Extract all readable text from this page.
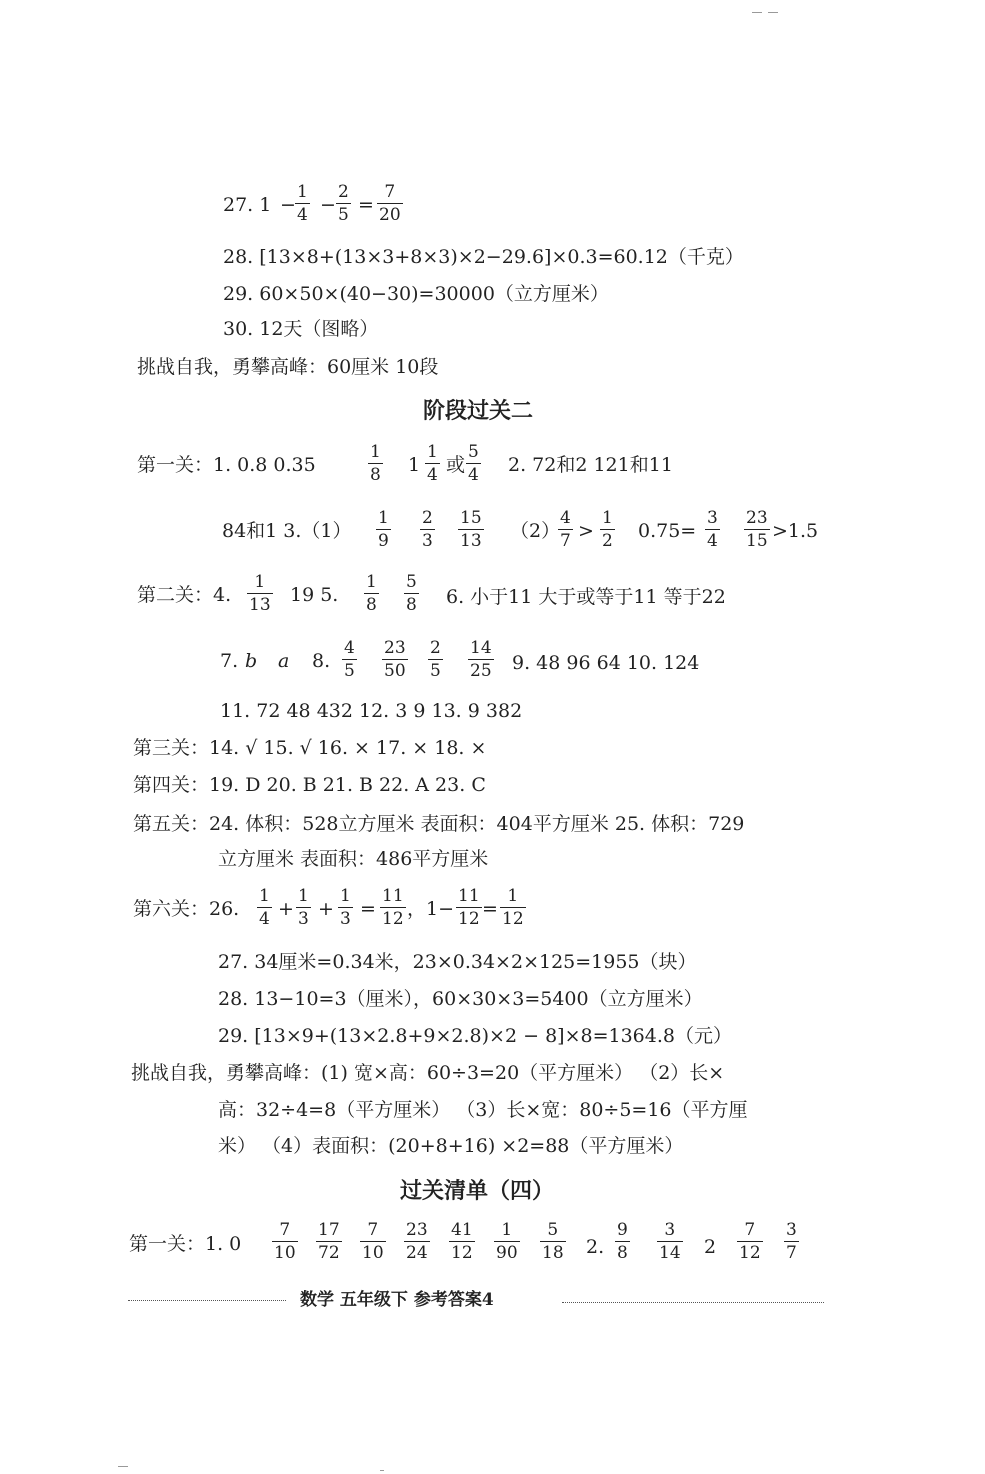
27. 1 −
1
4 −
2
5 =
7
20
28. [13×8+(13×3+8×3)×2−29.6]×0.3=60.12（千克）
29. 60×50×(40−30)=30000（立方厘米）
30. 12天（图略）
挑战自我，勇攀高峰：60厘米 10段
阶段过关二
第一关：1. 0.8 0.35
1
8 1
1
4 或
5
4 2. 72和2 121和11
84和1 3.（1）
1
9
2
3
15
13 （2）
4
7 >
1
2 0.75=
3
4
23
15 >1.5
第二关：4.
1
13 19 5.
1
8
5
8 6. 小于11 大于或等于11 等于22
7. b a 8.
4
5
23
50
2
5
14
25 9. 48 96 64 10. 124
11. 72 48 432 12. 3 9 13. 9 382
第三关：14. √ 15. √ 16. × 17. × 18. ×
第四关：19. D 20. B 21. B 22. A 23. C
第五关：24. 体积：528立方厘米 表面积：404平方厘米 25. 体积：729
立方厘米 表面积：486平方厘米
第六关：26.
1
4 +
1
3 +
1
3 =
11
12 ，1−
11
12 =
1
12
27. 34厘米=0.34米，23×0.34×2×125=1955（块）
28. 13−10=3（厘米），60×30×3=5400（立方厘米）
29. [13×9+(13×2.8+9×2.8)×2 − 8]×8=1364.8（元）
挑战自我，勇攀高峰：(1) 宽×高：60÷3=20（平方厘米） （2）长×
高：32÷4=8（平方厘米） （3）长×宽：80÷5=16（平方厘
米） （4）表面积：(20+8+16) ×2=88（平方厘米）
过关清单（四）
第一关：1. 0
7
10
17
72
7
10
23
24
41
12
1
90
5
18 2.
9
8
3
14 2
7
12
3
7
数学 五年级下 参考答案4
